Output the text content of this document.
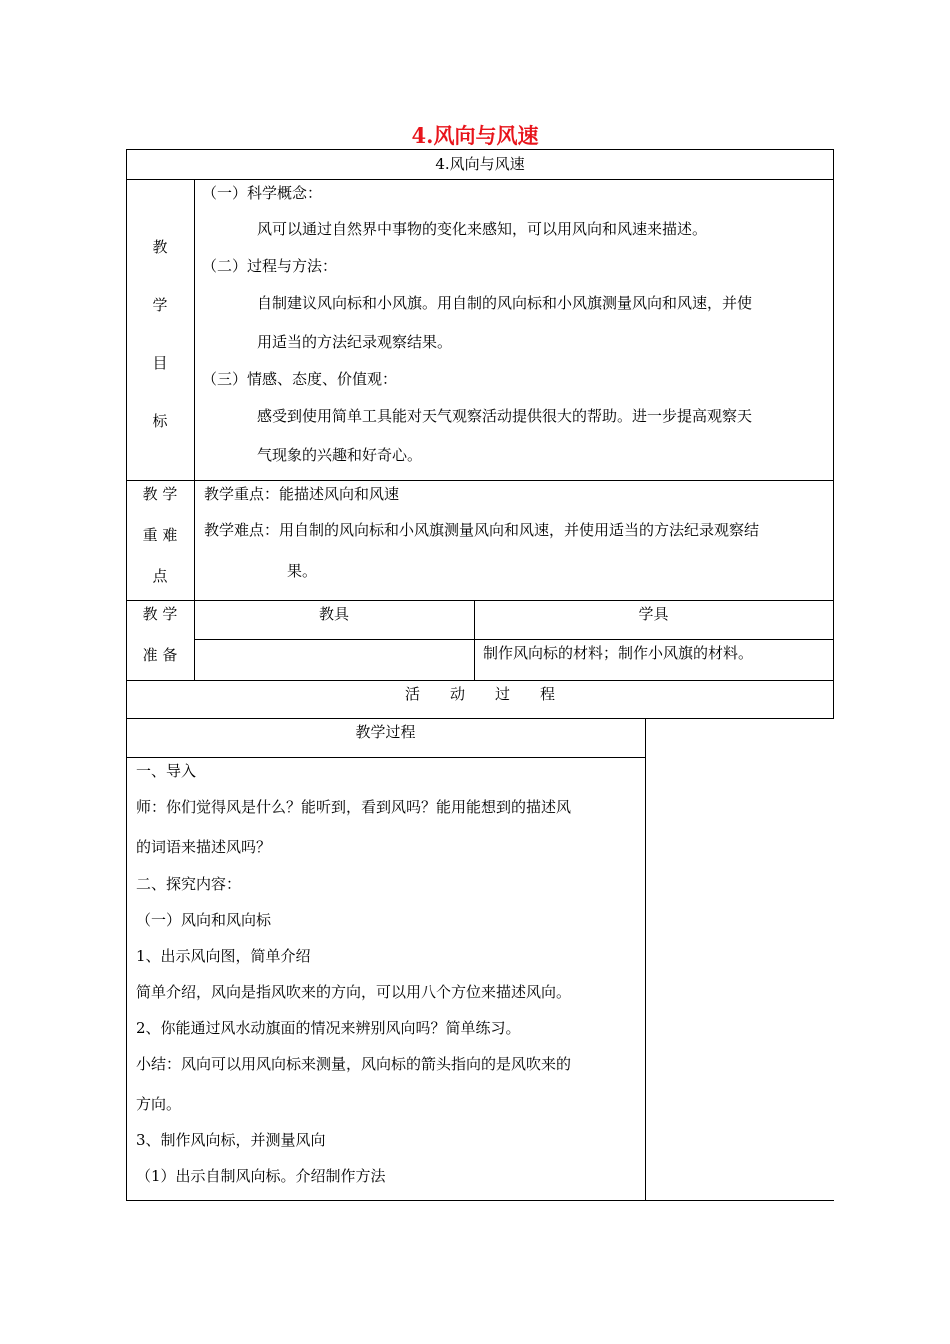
4.风向与风速
4.风向与风速
教
学
目
标
（一）科学概念：
风可以通过自然界中事物的变化来感知，可以用风向和风速来描述。
（二）过程与方法：
自制建议风向标和小风旗。用自制的风向标和小风旗测量风向和风速，并使
用适当的方法纪录观察结果。
（三）情感、态度、价值观：
感受到使用简单工具能对天气观察活动提供很大的帮助。进一步提高观察天
气现象的兴趣和好奇心。
教 学
重 难
点
教学重点：能描述风向和风速
教学难点：用自制的风向标和小风旗测量风向和风速，并使用适当的方法纪录观察结
果。
教 学
准 备
教具	学具
制作风向标的材料；制作小风旗的材料。
活　　动　　过　　程
教学过程
一、导入
师：你们觉得风是什么？能听到，看到风吗？能用能想到的描述风
的词语来描述风吗？
二、探究内容：
（一）风向和风向标
1、出示风向图，简单介绍
简单介绍，风向是指风吹来的方向，可以用八个方位来描述风向。
2、你能通过风水动旗面的情况来辨别风向吗？简单练习。
小结：风向可以用风向标来测量，风向标的箭头指向的是风吹来的
方向。
3、制作风向标，并测量风向
（1）出示自制风向标。介绍制作方法
